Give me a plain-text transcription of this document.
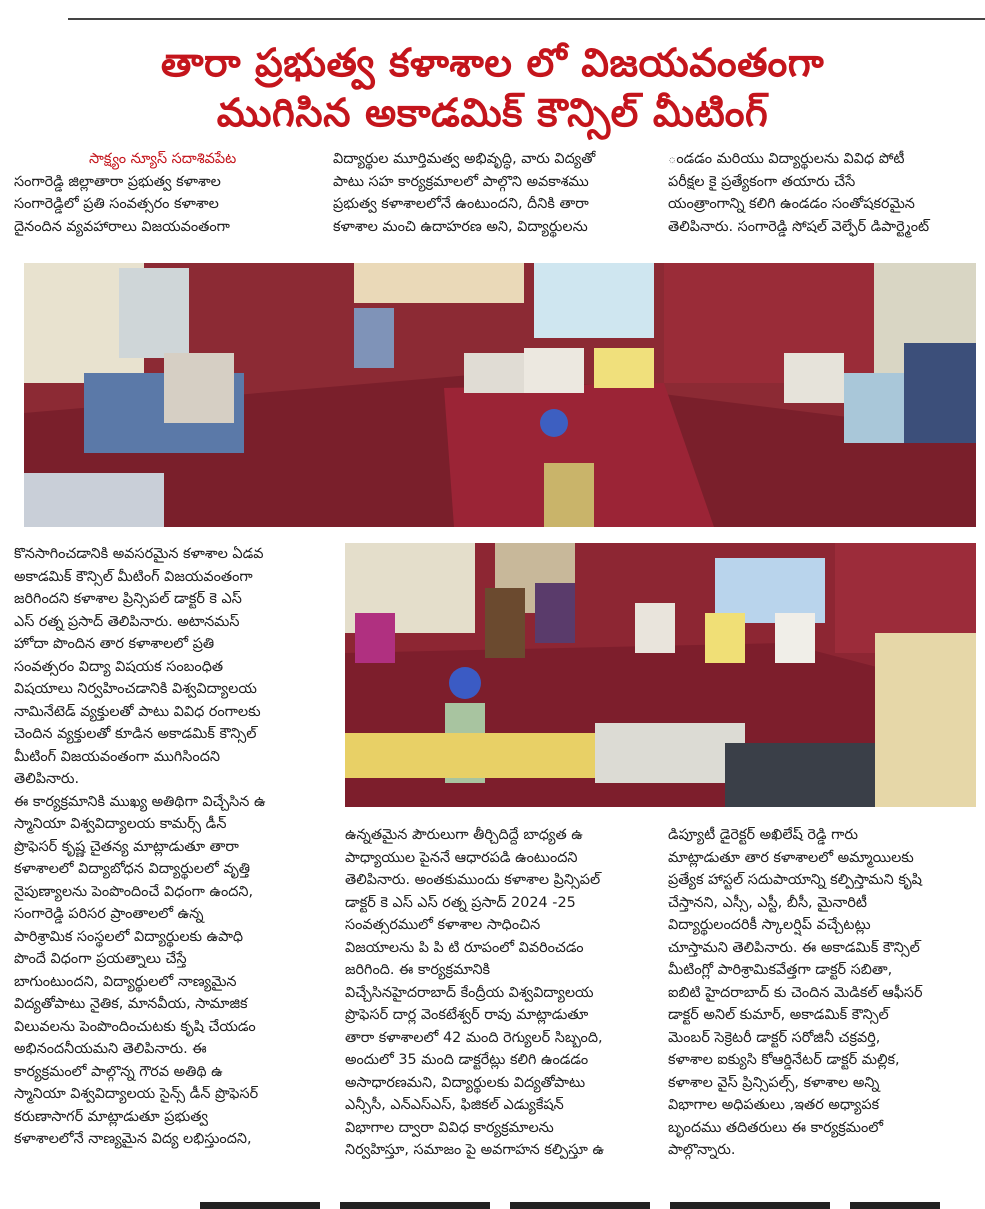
తారా ప్రభుత్వ కళాశాల లో విజయవంతంగా
ముగిసిన అకాడమిక్ కౌన్సిల్ మీటింగ్
సాక్ష్యం న్యూస్ సదాశివపేట
సంగారెడ్డి జిల్లాతారా ప్రభుత్వ కళాశాల
సంగారెడ్డిలో ప్రతి సంవత్సరం కళాశాల
దైనందిన వ్యవహారాలు విజయవంతంగా
విద్యార్థుల మూర్తిమత్వ అభివృద్ధి, వారు విద్యతో
పాటు సహ కార్యక్రమాలలో పాల్గొని అవకాశము
ప్రభుత్వ కళాశాలలోనే ఉంటుందని, దీనికి తారా
కళాశాల మంచి ఉదాహరణ అని, విద్యార్థులను
ండడం మరియు విద్యార్థులను వివిధ పోటీ
పరీక్షల కై ప్రత్యేకంగా తయారు చేసే
యంత్రాంగాన్ని కలిగి ఉండడం సంతోషకరమైన
తెలిపినారు. సంగారెడ్డి సోషల్ వెల్ఫేర్ డిపార్ట్మెంట్
కొనసాగించడానికి అవసరమైన కళాశాల ఏడవ
అకాడమిక్ కౌన్సిల్ మీటింగ్ విజయవంతంగా
జరిగిందని కళాశాల ప్రిన్సిపల్ డాక్టర్ కె ఎస్
ఎస్ రత్న ప్రసాద్ తెలిపినారు. అటానమస్
హోదా పొందిన తార కళాశాలలో ప్రతి
సంవత్సరం విద్యా విషయక సంబంధిత
విషయాలు నిర్వహించడానికి విశ్వవిద్యాలయ
నామినేటెడ్ వ్యక్తులతో పాటు వివిధ రంగాలకు
చెందిన వ్యక్తులతో కూడిన అకాడమిక్ కౌన్సిల్
మీటింగ్ విజయవంతంగా ముగిసిందని
తెలిపినారు.
ఈ కార్యక్రమానికి ముఖ్య అతిథిగా విచ్చేసిన ఉ
స్మానియా విశ్వవిద్యాలయ కామర్స్ డీన్
ప్రొఫెసర్ కృష్ణ చైతన్య మాట్లాడుతూ తారా
కళాశాలలో విద్యాబోధన విద్యార్థులలో వృత్తి
నైపుణ్యాలను పెంపొందించే విధంగా ఉందని,
సంగారెడ్డి పరిసర ప్రాంతాలలో ఉన్న
పారిశ్రామిక సంస్థలలో విద్యార్థులకు ఉపాధి
పొందే విధంగా ప్రయత్నాలు చేస్తే
బాగుంటుందని, విద్యార్థులలో నాణ్యమైన
విద్యతోపాటు నైతిక, మానవీయ, సామాజిక
విలువలను పెంపొందించుటకు కృషి చేయడం
అభినందనీయమని తెలిపినారు. ఈ
కార్యక్రమంలో పాల్గొన్న గౌరవ అతిథి ఉ
స్మానియా విశ్వవిద్యాలయ సైన్స్ డీన్ ప్రొఫెసర్
కరుణాసాగర్ మాట్లాడుతూ ప్రభుత్వ
కళాశాలలోనే నాణ్యమైన విద్య లభిస్తుందని,
ఉన్నతమైన పౌరులుగా తీర్చిదిద్దే బాధ్యత ఉ
పాధ్యాయుల పైననే ఆధారపడి ఉంటుందని
తెలిపినారు. అంతకుముందు కళాశాల ప్రిన్సిపల్
డాక్టర్ కె ఎస్ ఎస్ రత్న ప్రసాద్ 2024 -25
సంవత్సరములో కళాశాల సాధించిన
విజయాలను పి పి టి రూపంలో వివరించడం
జరిగింది. ఈ కార్యక్రమానికి
విచ్చేసినహైదరాబాద్ కేంద్రీయ విశ్వవిద్యాలయ
ప్రొఫెసర్ దార్ల వెంకటేశ్వర్ రావు మాట్లాడుతూ
తారా కళాశాలలో 42 మంది రెగ్యులర్ సిబ్బంది,
అందులో 35 మంది డాక్టరేట్లు కలిగి ఉండడం
అసాధారణమని, విద్యార్థులకు విద్యతోపాటు
ఎన్సీసీ, ఎన్ఎస్ఎస్, ఫిజికల్ ఎడ్యుకేషన్
విభాగాల ద్వారా వివిధ కార్యక్రమాలను
నిర్వహిస్తూ, సమాజం పై అవగాహన కల్పిస్తూ ఉ
డిప్యూటీ డైరెక్టర్ అఖిలేష్ రెడ్డి గారు
మాట్లాడుతూ తార కళాశాలలో అమ్మాయిలకు
ప్రత్యేక హాస్టల్ సదుపాయాన్ని కల్పిస్తామని కృషి
చేస్తానని, ఎస్సీ, ఎస్టీ, బీసీ, మైనారిటీ
విద్యార్థులందరికీ స్కాలర్షిప్ వచ్చేటట్లు
చూస్తామని తెలిపినారు. ఈ అకాడమిక్ కౌన్సిల్
మీటింగ్లో పారిశ్రామికవేత్తగా డాక్టర్ సబితా,
ఐబిటి హైదరాబాద్ కు చెందిన మెడికల్ ఆఫీసర్
డాక్టర్ అనిల్ కుమార్, అకాడమిక్ కౌన్సిల్
మెంబర్ సెక్రెటరీ డాక్టర్ సరోజినీ చక్రవర్తి,
కళాశాల ఐక్యుసి కోఆర్డినేటర్ డాక్టర్ మల్లిక,
కళాశాల వైస్ ప్రిన్సిపల్స్, కళాశాల అన్ని
విభాగాల అధిపతులు ,ఇతర అధ్యాపక
బృందము తదితరులు ఈ కార్యక్రమంలో
పాల్గొన్నారు.
